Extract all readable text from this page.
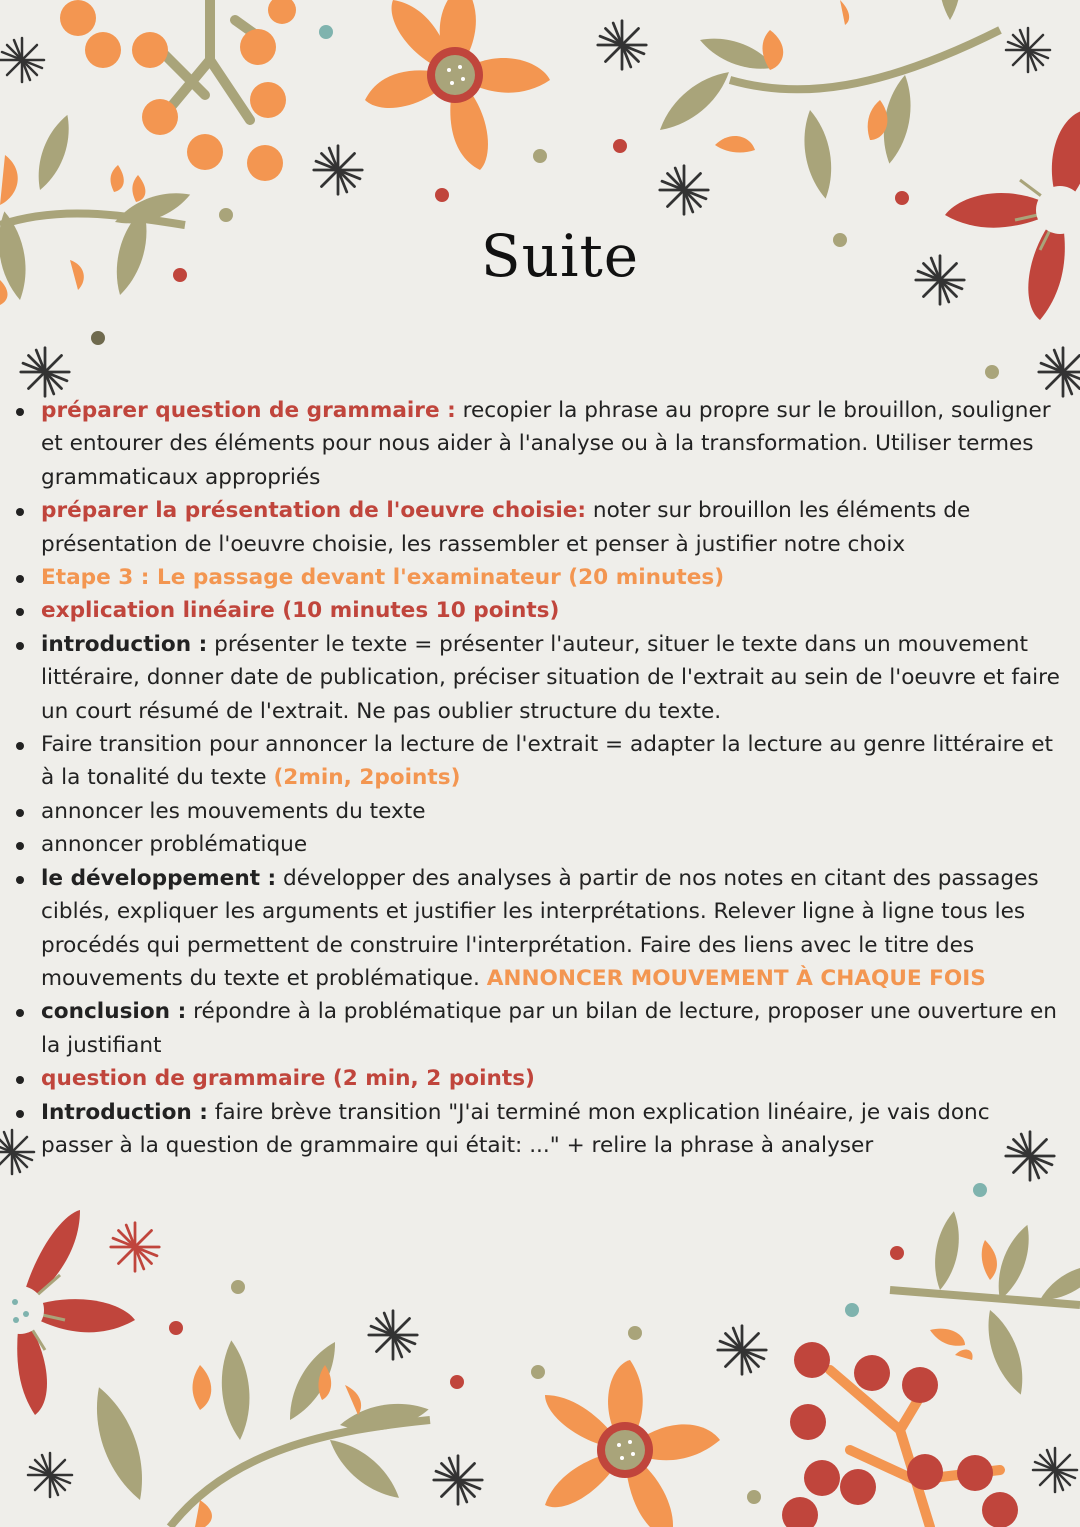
Suite
préparer question de grammaire : recopier la phrase au propre sur le brouillon, souligner et entourer des éléments pour nous aider à l'analyse ou à la transformation. Utiliser termes grammaticaux appropriés
préparer la présentation de l'oeuvre choisie: noter sur brouillon les éléments de présentation de l'oeuvre choisie, les rassembler et penser à justifier notre choix
Etape 3 : Le passage devant l'examinateur (20 minutes)
explication linéaire (10 minutes 10 points)
introduction : présenter le texte = présenter l'auteur, situer le texte dans un mouvement littéraire, donner date de publication, préciser situation de l'extrait au sein de l'oeuvre et faire un court résumé de l'extrait. Ne pas oublier structure du texte.
Faire transition pour annoncer la lecture de l'extrait = adapter la lecture au genre littéraire et à la tonalité du texte (2min, 2points)
annoncer les mouvements du texte
annoncer problématique
le développement : développer des analyses à partir de nos notes en citant des passages ciblés, expliquer les arguments et justifier les interprétations. Relever ligne à ligne tous les procédés qui permettent de construire l'interprétation. Faire des liens avec le titre des mouvements du texte et problématique. ANNONCER MOUVEMENT À CHAQUE FOIS
conclusion : répondre à la problématique par un bilan de lecture, proposer une ouverture en la justifiant
question de grammaire (2 min, 2 points)
Introduction : faire brève transition "J'ai terminé mon explication linéaire, je vais donc passer à la question de grammaire qui était: ..." + relire la phrase à analyser
